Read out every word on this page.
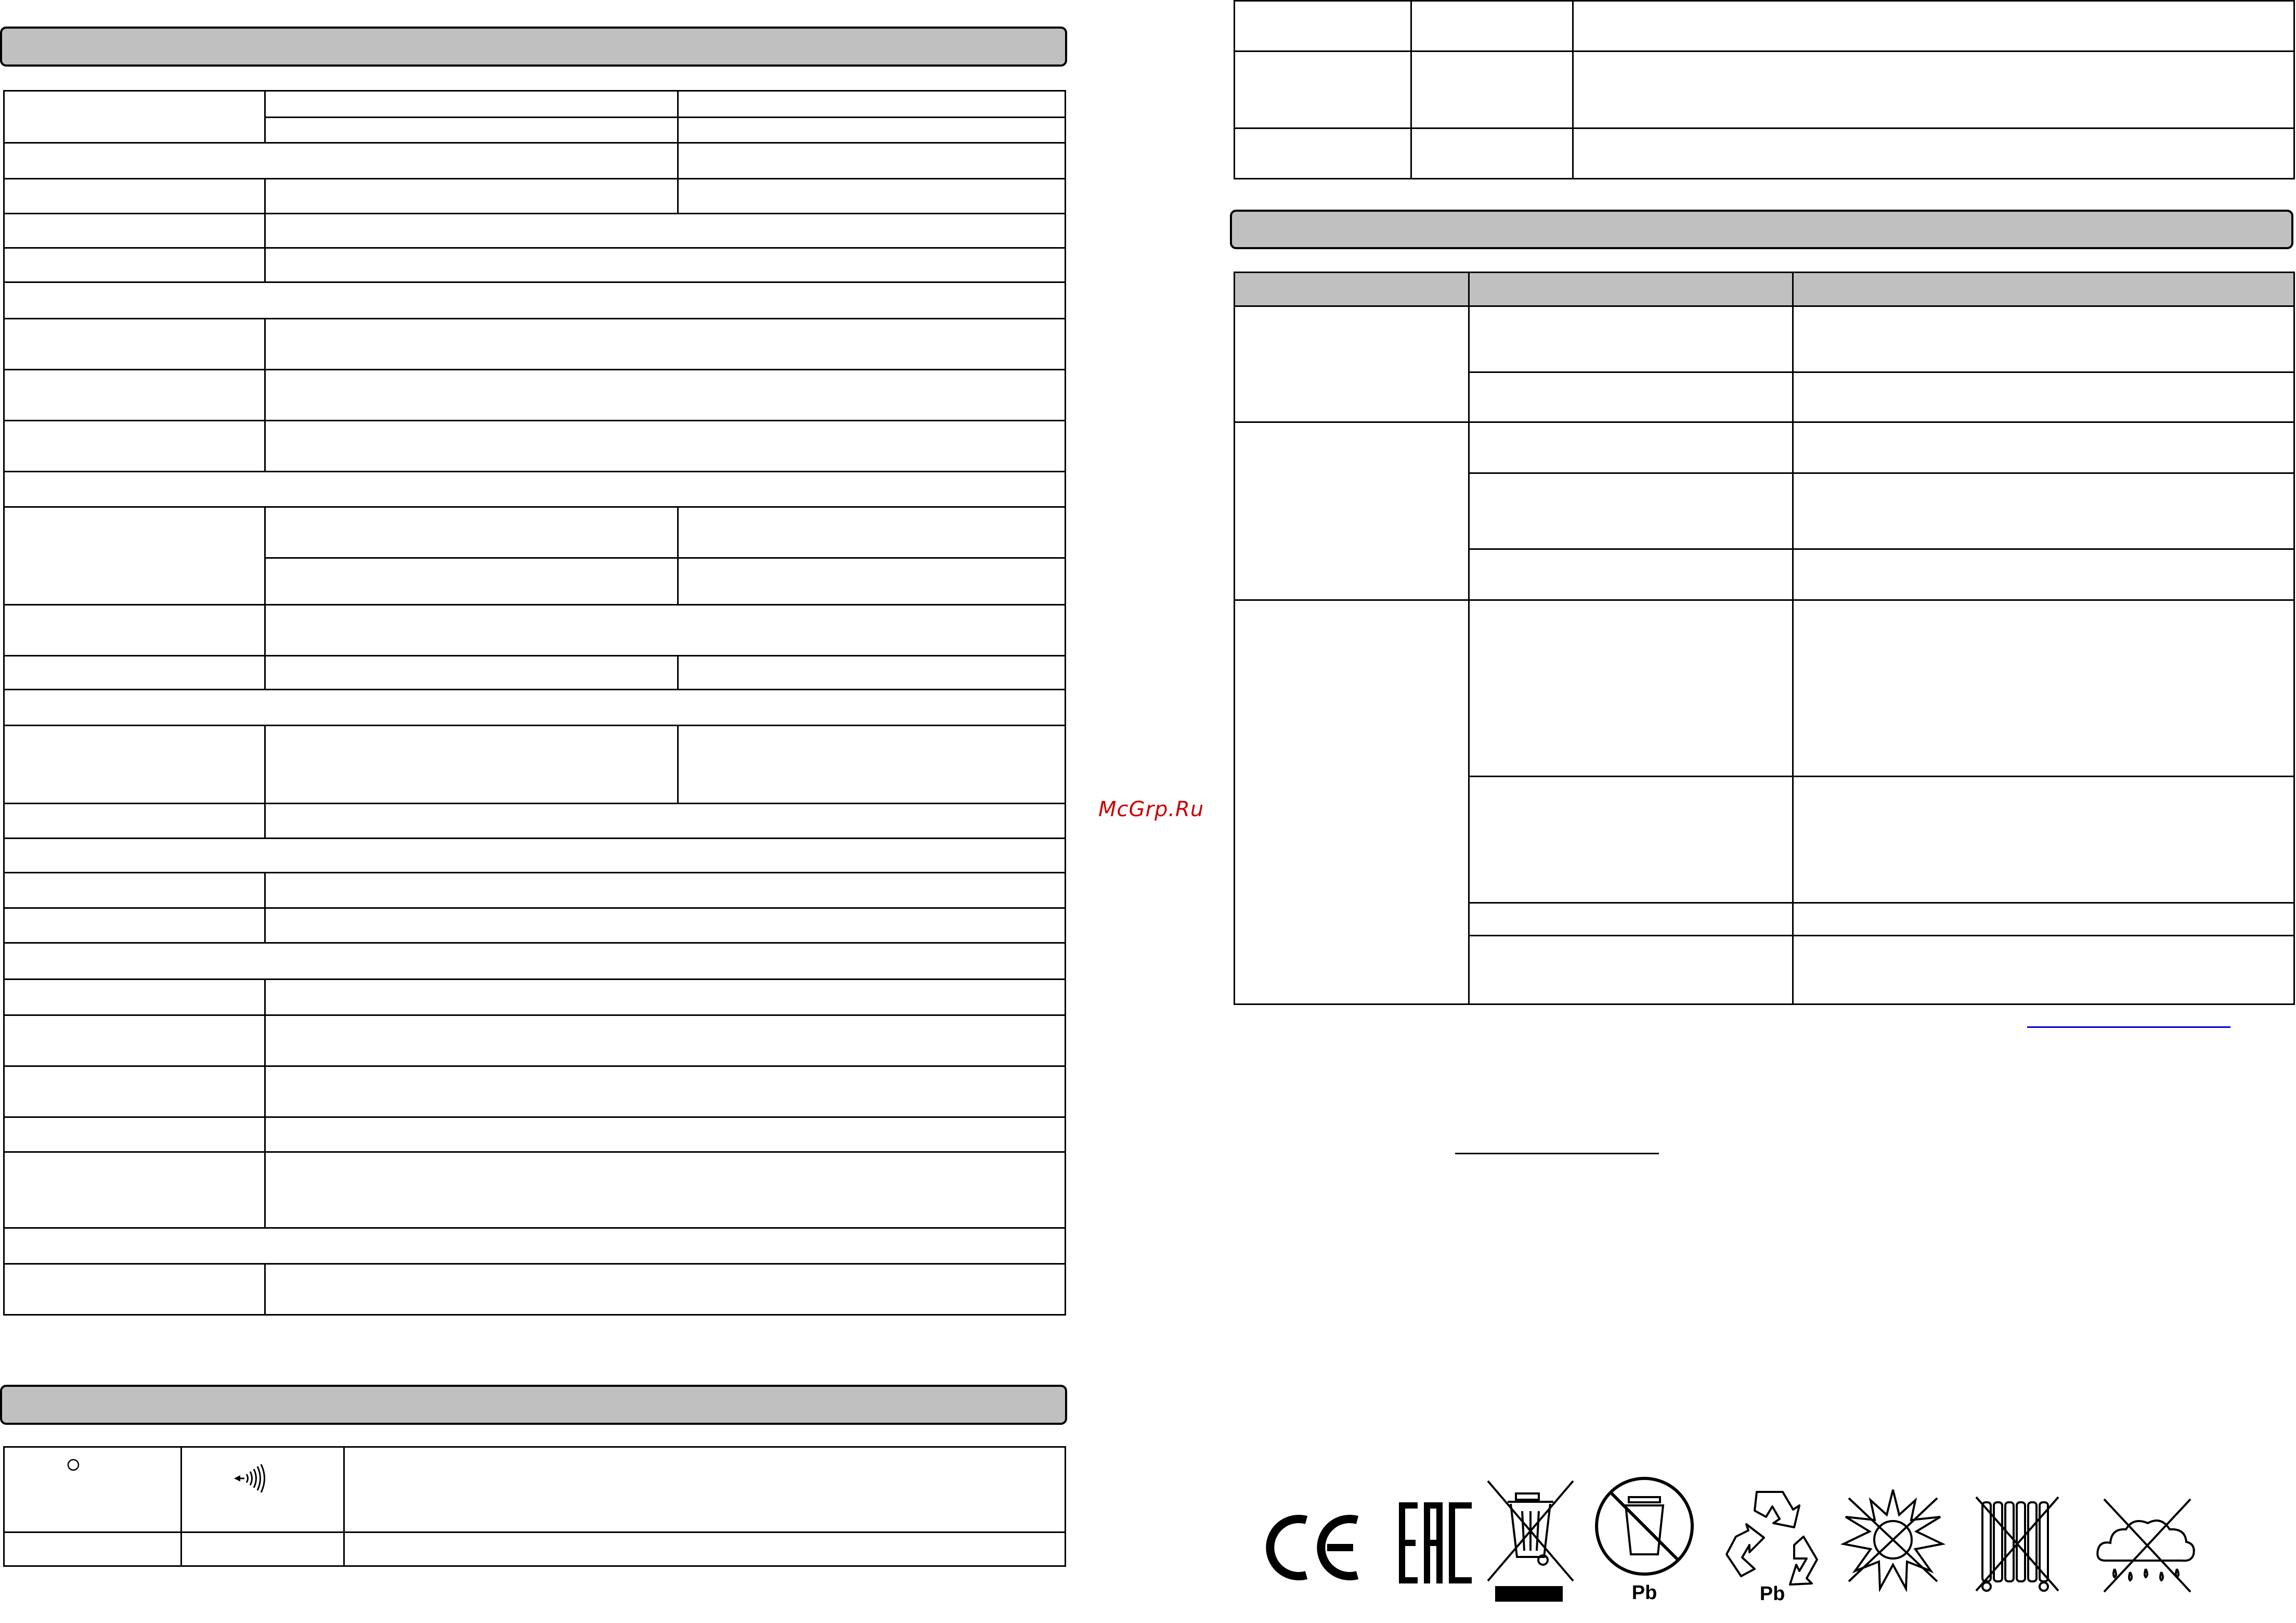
McGrp.Ru
Pb	Pb
